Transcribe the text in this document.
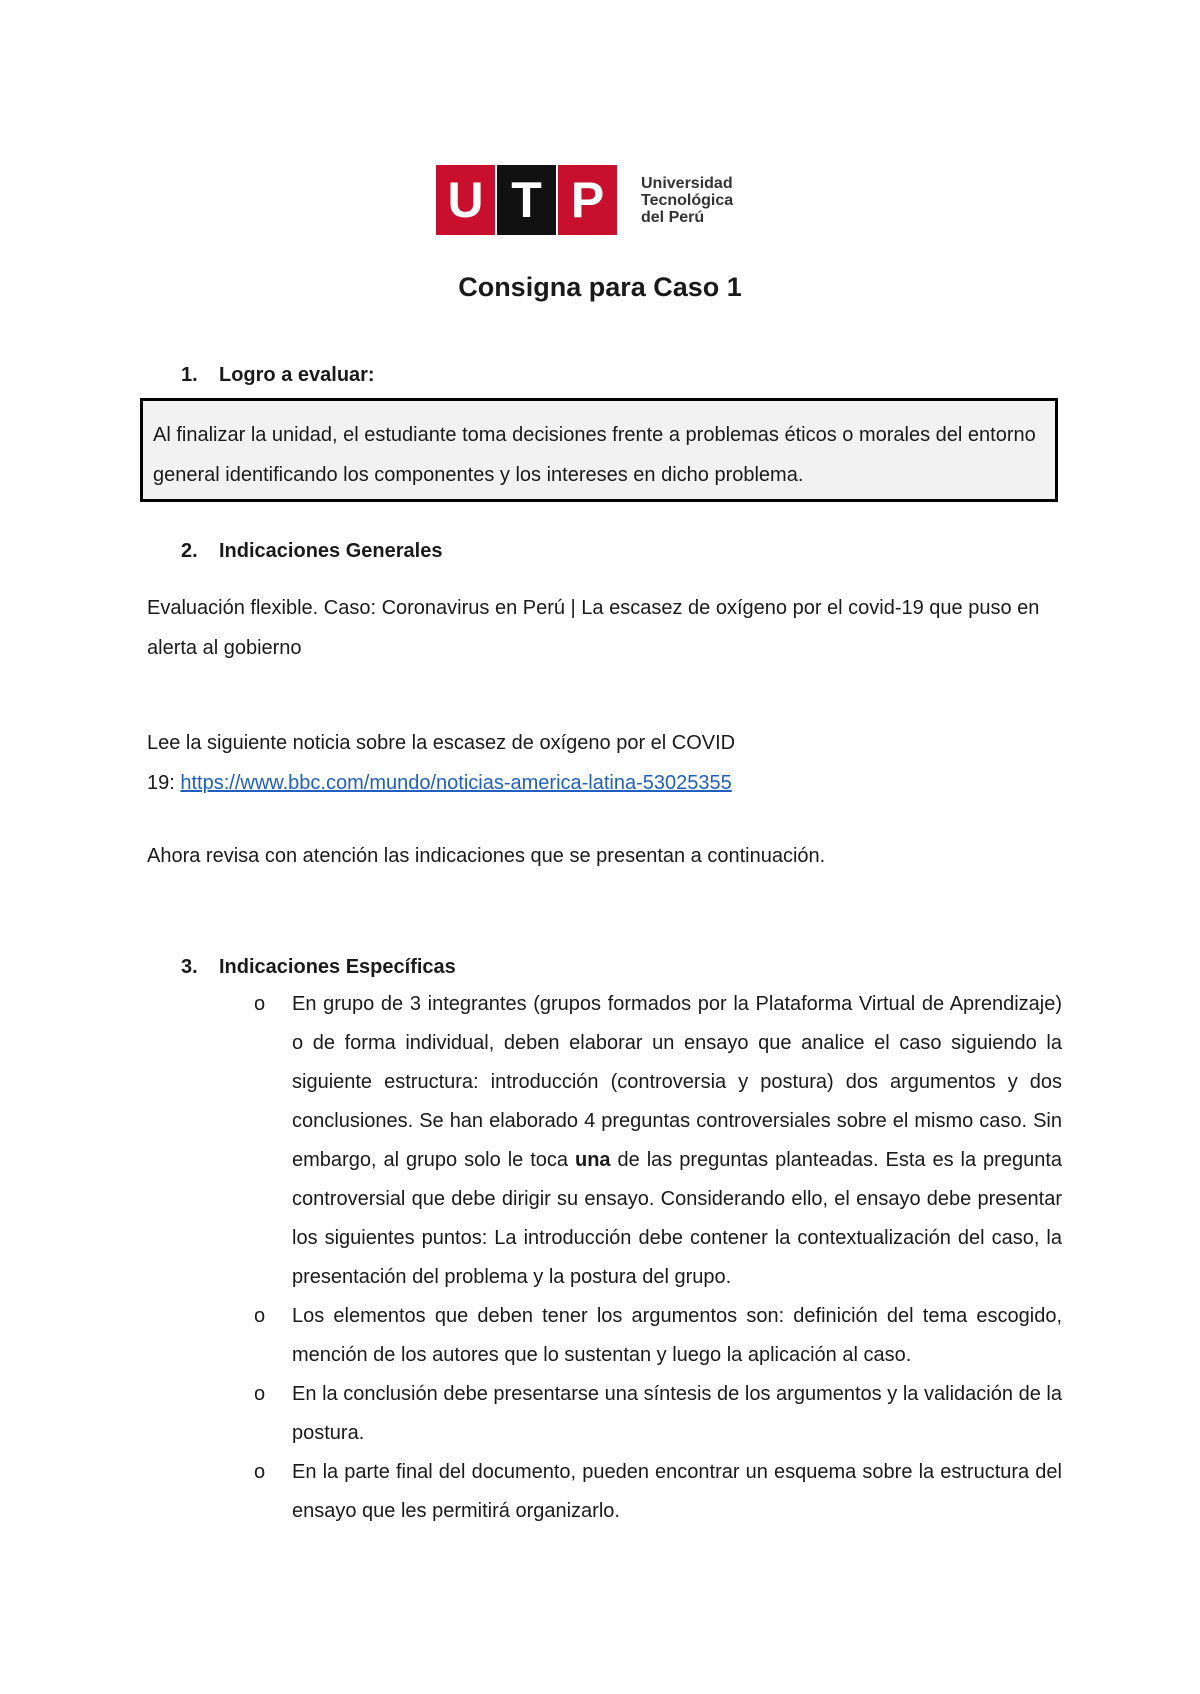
U T P	Universidad
Tecnológica
del Perú
Consigna para Caso 1
1.	Logro a evaluar:
Al finalizar la unidad, el estudiante toma decisiones frente a problemas éticos o morales del entorno general identificando los componentes y los intereses en dicho problema.
2.	Indicaciones Generales
Evaluación flexible. Caso: Coronavirus en Perú | La escasez de oxígeno por el covid-19 que puso en alerta al gobierno
Lee la siguiente noticia sobre la escasez de oxígeno por el COVID
19: https://www.bbc.com/mundo/noticias-america-latina-53025355
Ahora revisa con atención las indicaciones que se presentan a continuación.
3.	Indicaciones Específicas
o En grupo de 3 integrantes (grupos formados por la Plataforma Virtual de Aprendizaje) o de forma individual, deben elaborar un ensayo que analice el caso siguiendo la siguiente estructura: introducción (controversia y postura) dos argumentos y dos conclusiones. Se han elaborado 4 preguntas controversiales sobre el mismo caso. Sin embargo, al grupo solo le toca una de las preguntas planteadas. Esta es la pregunta controversial que debe dirigir su ensayo. Considerando ello, el ensayo debe presentar los siguientes puntos: La introducción debe contener la contextualización del caso, la presentación del problema y la postura del grupo.
o Los elementos que deben tener los argumentos son: definición del tema escogido, mención de los autores que lo sustentan y luego la aplicación al caso.
o En la conclusión debe presentarse una síntesis de los argumentos y la validación de la postura.
o En la parte final del documento, pueden encontrar un esquema sobre la estructura del ensayo que les permitirá organizarlo.
